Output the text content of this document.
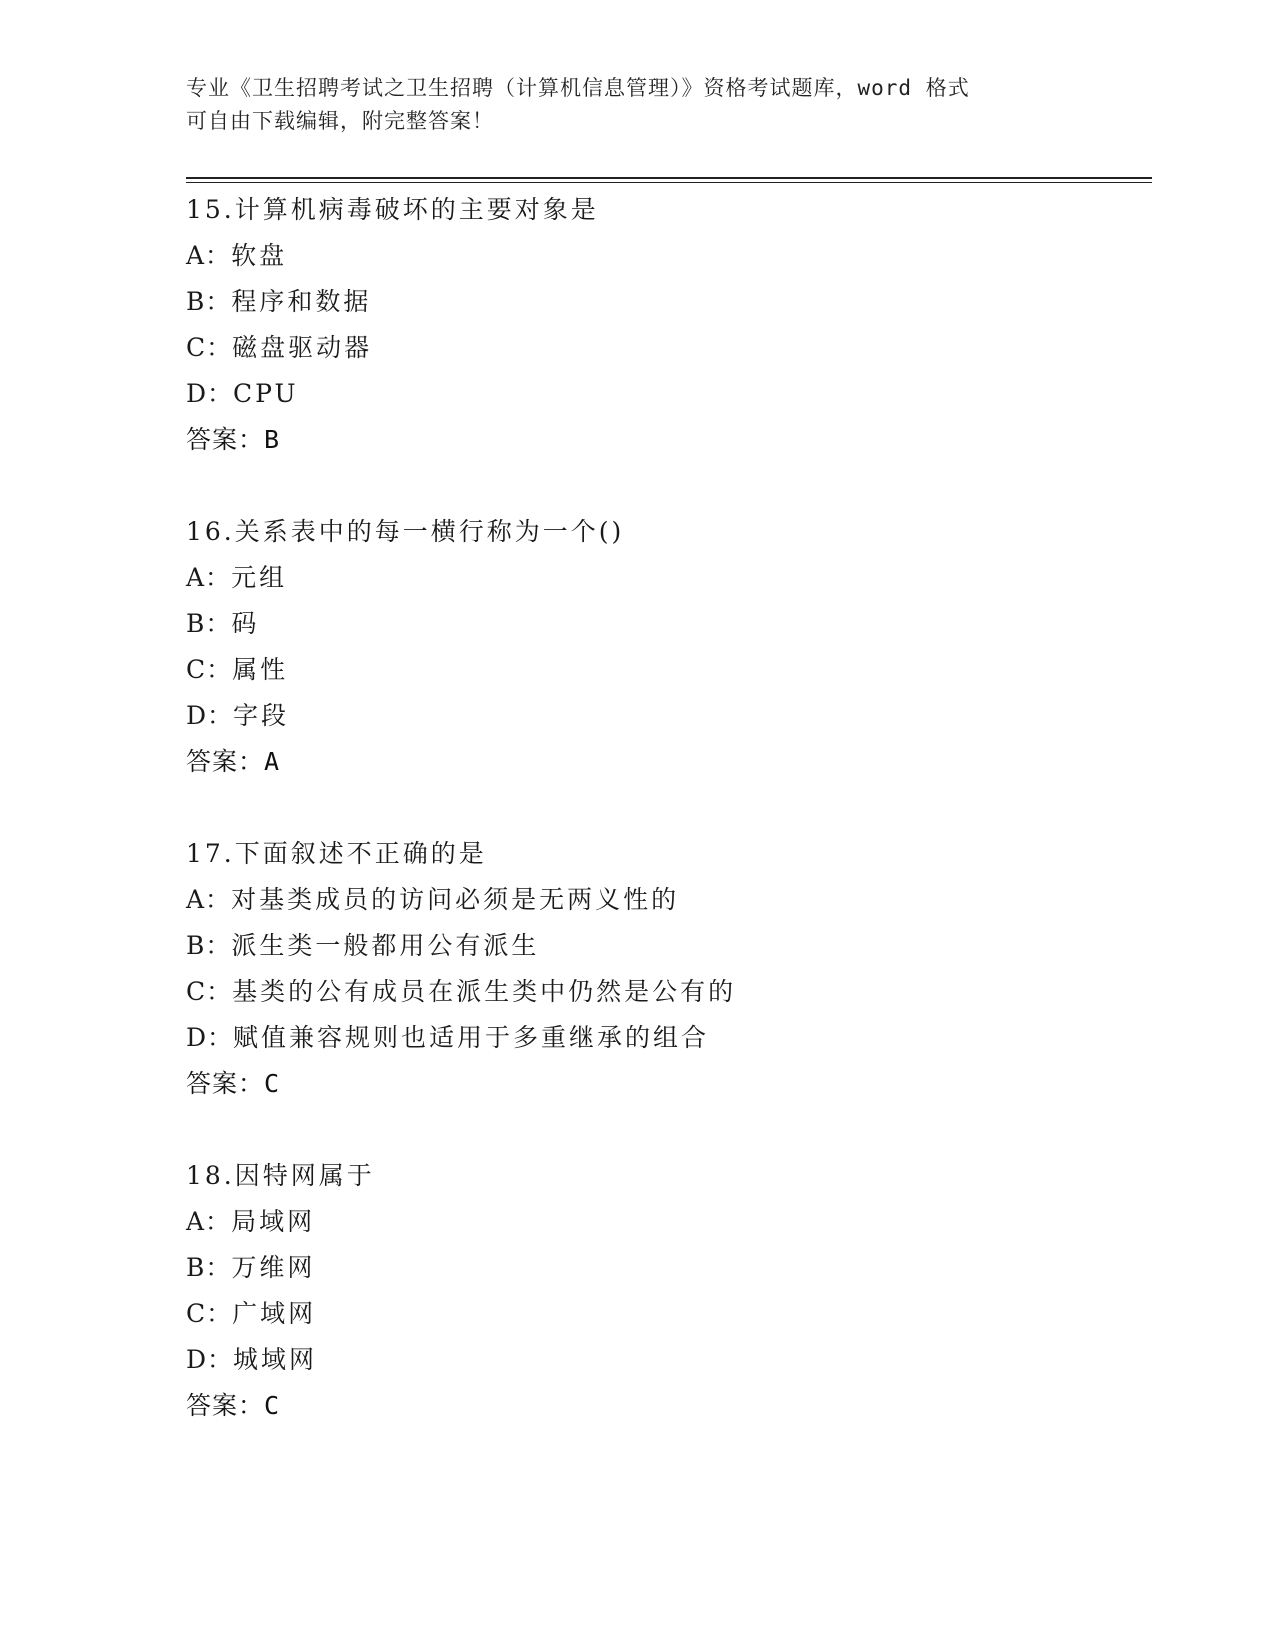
专业《卫生招聘考试之卫生招聘（计算机信息管理）》资格考试题库，word 格式
可自由下载编辑，附完整答案！
15.计算机病毒破坏的主要对象是
A：软盘
B：程序和数据
C：磁盘驱动器
D：CPU
答案：B
16.关系表中的每一横行称为一个()
A：元组
B：码
C：属性
D：字段
答案：A
17.下面叙述不正确的是
A：对基类成员的访问必须是无两义性的
B：派生类一般都用公有派生
C：基类的公有成员在派生类中仍然是公有的
D：赋值兼容规则也适用于多重继承的组合
答案：C
18.因特网属于
A：局域网
B：万维网
C：广域网
D：城域网
答案：C
